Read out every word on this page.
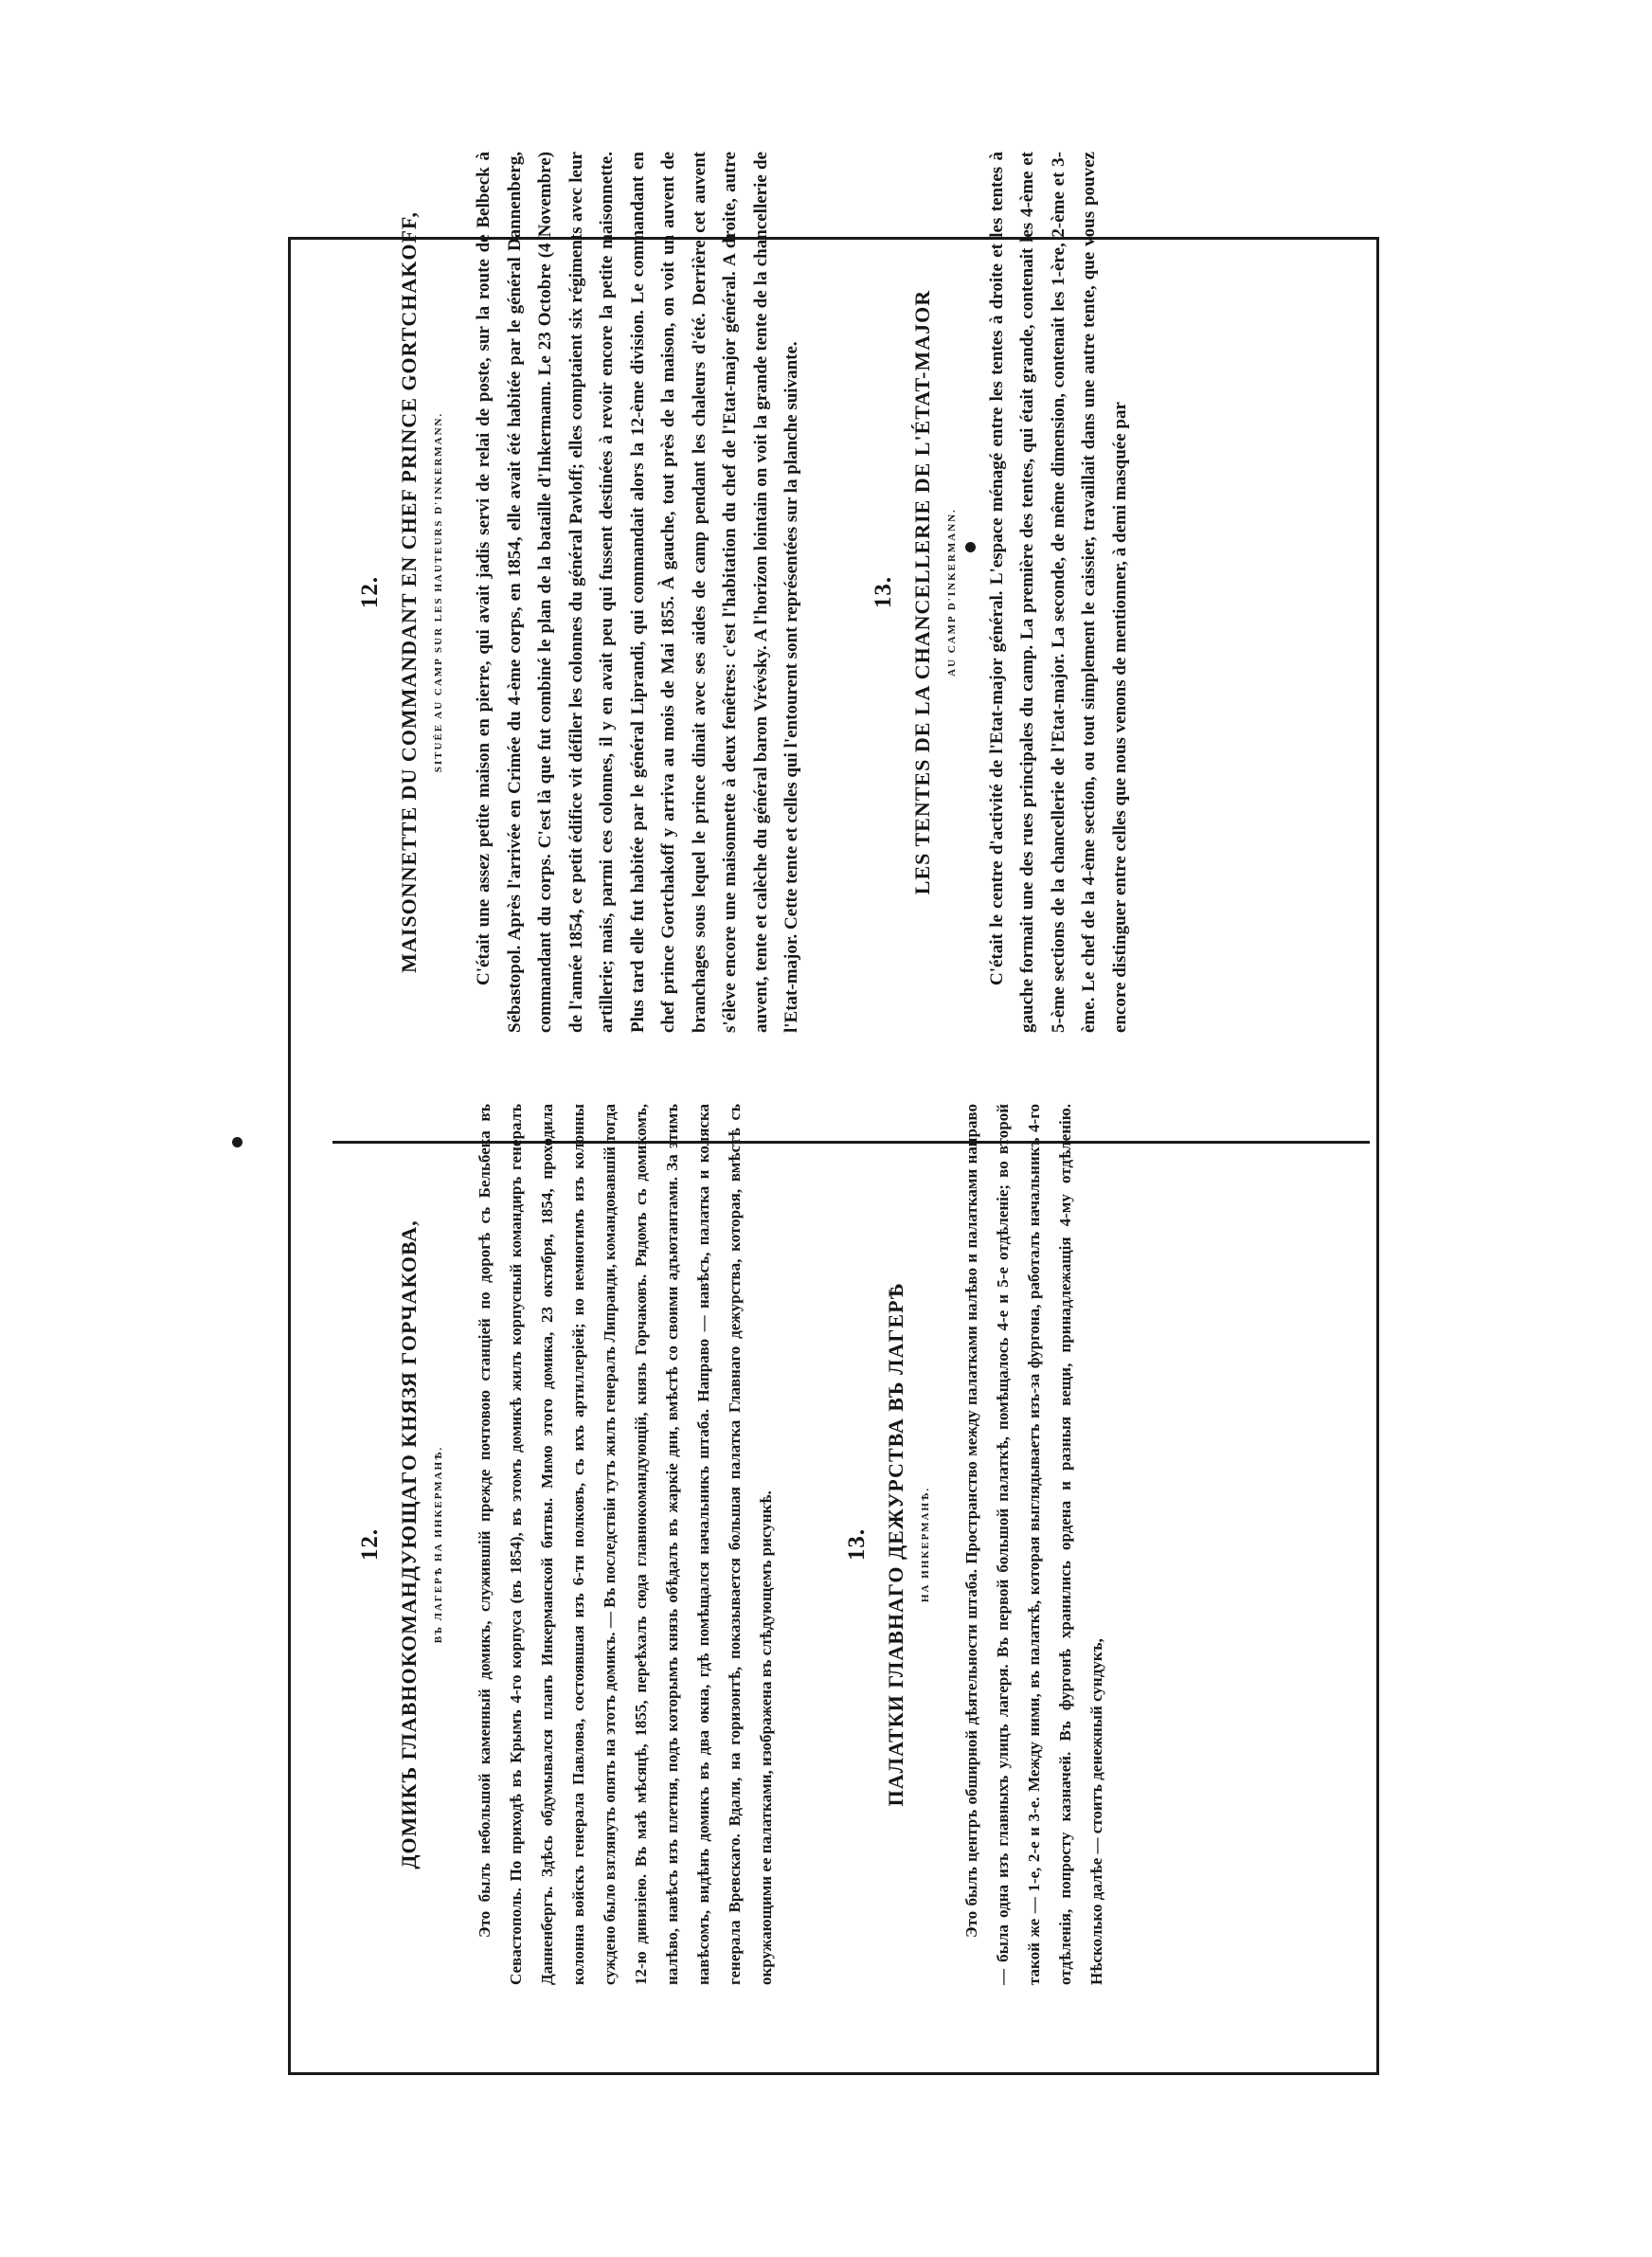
12. MAISONNETTE DU COMMANDANT EN CHEF PRINCE GORTCHAKOFF, SITUÉE AU CAMP SUR LES HAUTEURS D'INKERMANN. C'était une assez petite maison en pierre, qui avait jadis servi de relai de poste, sur la route de Belbeck à Sébastopol. Après l'arrivée en Crimée du 4-ème corps, en 1854, elle avait été habitée par le général Dannenberg, commandant du corps. C'est là que fut combiné le plan de la bataille d'Inkermann. Le 23 Octobre (4 Novembre) de l'année 1854, ce petit édifice vit défiler les colonnes du général Pavloff; elles comptaient six régiments avec leur artillerie; mais, parmi ces colonnes, il y en avait peu qui fussent destinées à revoir encore la petite maisonnette. Plus tard elle fut habitée par le général Liprandi, qui commandait alors la 12-ème division. Le commandant en chef prince Gortchakoff y arriva au mois de Mai 1855. À gauche, tout près de la maison, on voit un auvent de branchages sous lequel le prince dinait avec ses aides de camp pendant les chaleurs d'été. Derrière cet auvent s'élève encore une maisonnette à deux fenêtres: c'est l'habitation du chef de l'Etat-major général. A droite, autre auvent, tente et calèche du général baron Vrévsky. A l'horizon lointain on voit la grande tente de la chancellerie de l'Etat-major. Cette tente et celles qui l'entourent sont représentées sur la planche suivante.	13. LES TENTES DE LA CHANCELLERIE DE L'ÉTAT-MAJOR AU CAMP D'INKERMANN. C'était le centre d'activité de l'Etat-major général. L'espace ménagé entre les tentes à droite et les tentes à gauche formait une des rues principales du camp. La première des tentes, qui était grande, contenait les 4-ème et 5-ème sections de la chancellerie de l'Etat-major. La seconde, de même dimension, contenait les 1-ère, 2-ème et 3-ème. Le chef de la 4-ème section, ou tout simplement le caissier, travaillait dans une autre tente, que vous pouvez encore distinguer entre celles que nous venons de mentionner, à demi masquée par

12. ДОМИКЪ ГЛАВНОКОМАНДУЮЩАГО КНЯЗЯ ГОРЧАКОВА, ВЪ ЛАГЕРѢ НА ИНКЕРМАНѢ.	Это былъ небольшой каменный домикъ, служившій прежде почтовою станцiей по дорогѣ съ Бельбека въ Севастополь. По приходѣ въ Крымъ 4-го корпуса (въ 1854), въ этомъ домикѣ жилъ корпусный командиръ генералъ Данненбергъ. Здѣсь обдумывался планъ Инкерманской битвы. Мимо этого домика, 23 октября, 1854, проходила колонна войскъ генерала Павлова, состоявшая изъ 6-ти полковъ, съ ихъ артиллерiей; но немногимъ изъ колонны суждено было взглянуть опять на этотъ домикъ. — Въ последствiи тутъ жилъ генералъ Липранди, командовавшiй тогда 12-ю дивизiею. Въ маѣ мѣсяцѣ, 1855, переѣхалъ сюда главнокомандующiй, князь Горчаковъ. Рядомъ съ домикомъ, налѣво, навѣсъ изъ плетня, подъ которымъ князь обѣдалъ въ жаркiе дни, вмѣстѣ со своими адъютантами. За этимъ навѣсомъ, видѣнъ домикъ въ два окна, гдѣ помѣщался начальникъ штаба. Направо — навѣсъ, палатка и коляска генерала Вревскаго. Вдали, на горизонтѣ, показывается большая палатка Главнаго дежурства, которая, вмѣстѣ съ окружающими ее палатками, изображена въ слѣдующемъ рисункѣ.	13. ПАЛАТКИ ГЛАВНАГО ДЕЖУРСТВА ВЪ ЛАГЕРѢ НА ИНКЕРМАНѢ.	Это былъ центръ обширной дѣятельности штаба. Пространство между палатками налѣво и палатками направо — была одна изъ главныхъ улицъ лагеря. Въ первой большой палаткѣ, помѣщалось 4-е и 5-е отдѣленiе; во второй такой же — 1-е, 2-е и 3-е. Между ними, въ палаткѣ, которая выглядываетъ изъ-за фургона, работалъ начальникъ 4-го отдѣленiя, попросту казначей. Въ фургонѣ хранились ордена и разныя вещи, принадлежащiя 4-му отдѣленiю. Нѣсколько далѣе — стоитъ денежный сундукъ,
